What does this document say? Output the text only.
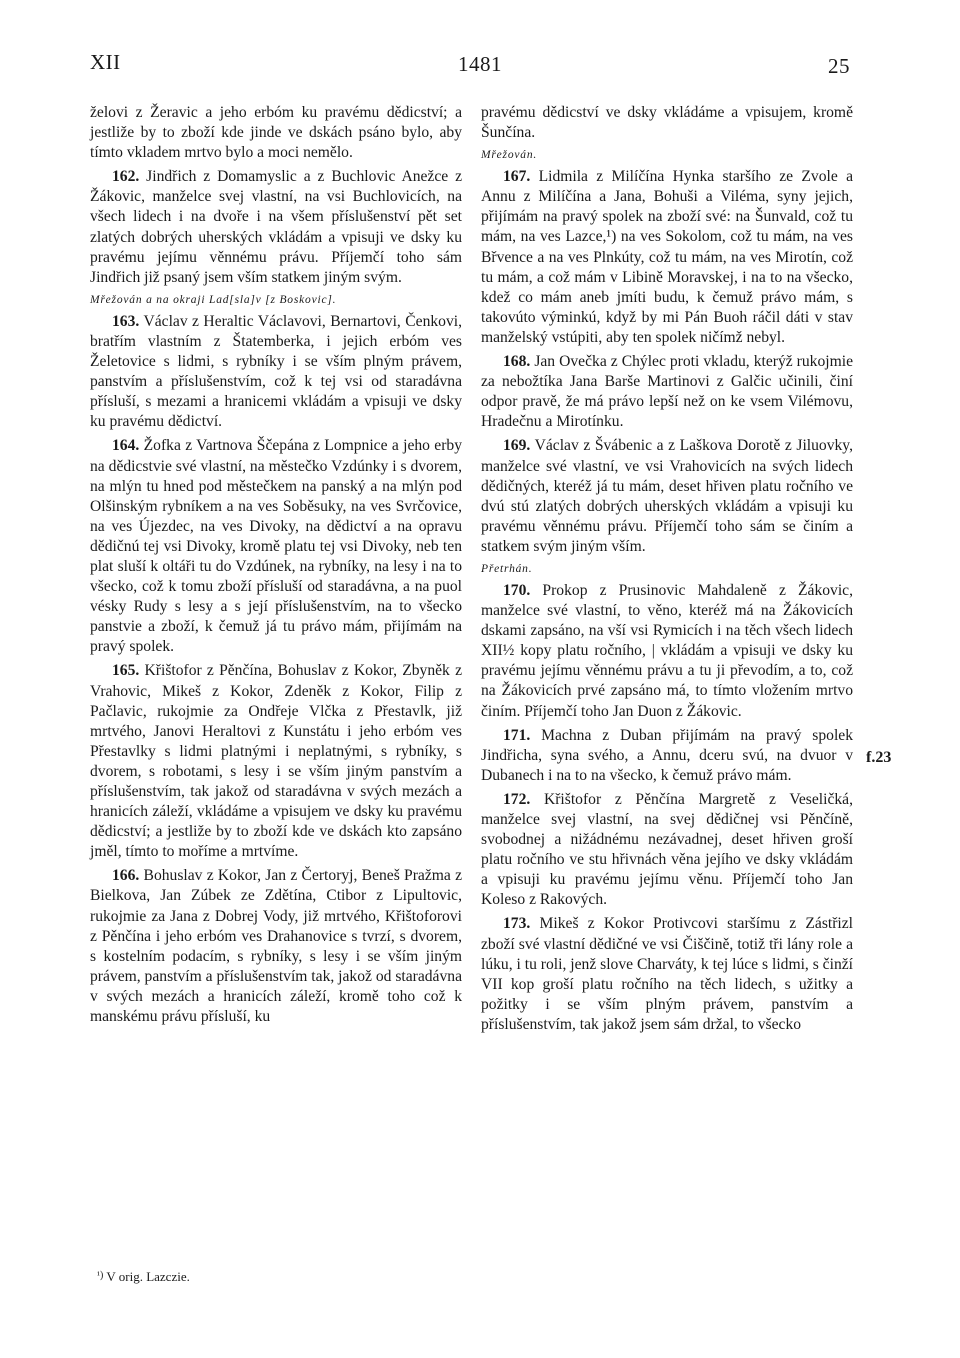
XII	1481	25

želovi z Žeravic a jeho erbóm ku pravému dědicství; a jestliže by to zboží kde jinde ve dskách psáno bylo, aby tímto vkladem mrtvo bylo a moci nemělo.

162. Jindřich z Domamyslic a z Buchlovic Anežce z Žákovic, manželce svej vlastní, na vsi Buchlovicích, na všech lidech i na dvoře i na všem příslušenství pět set zlatých dobrých uherských vkládám a vpisuji ve dsky ku pravému jejímu věnnému právu. Příjemčí toho sám Jindřich již psaný jsem vším statkem jiným svým.

Mřežován a na okraji Lad[sla]v [z Boskovic].

163. Václav z Heraltic Václavovi, Bernartovi, Čenkovi, bratřím vlastním z Štatemberka, i jejich erbóm ves Želetovice s lidmi, s rybníky i se vším plným právem, panstvím a příslušenstvím, což k tej vsi od staradávna přísluší, s mezami a hranicemi vkládám a vpisuji ve dsky ku pravému dědictví.

164. Žofka z Vartnova Ščepána z Lompnice a jeho erby na dědicstvie své vlastní, na městečko Vzdúnky i s dvorem, na mlýn tu hned pod městečkem na panský a na mlýn pod Olšinským rybníkem a na ves Soběsuky, na ves Svrčovice, na ves Újezdec, na ves Divoky, na dědictví a na opravu dědičnú tej vsi Divoky, kromě platu tej vsi Divoky, neb ten plat sluší k oltáři tu do Vzdúnek, na rybníky, na lesy i na to všecko, což k tomu zboží přísluší od staradávna, a na puol vésky Rudy s lesy a s její příslušenstvím, na to všecko panstvie a zboží, k čemuž já tu právo mám, přijímám na pravý spolek.

165. Křištofor z Pěnčína, Bohuslav z Kokor, Zbyněk z Vrahovic, Mikeš z Kokor, Zdeněk z Kokor, Filip z Pačlavic, rukojmie za Ondřeje Vlčka z Přestavlk, již mrtvého, Janovi Heraltovi z Kunstátu i jeho erbóm ves Přestavlky s lidmi platnými i neplatnými, s rybníky, s dvorem, s robotami, s lesy i se vším jiným panstvím a příslušenstvím, tak jakož od staradávna v svých mezách a hranicích záleží, vkládáme a vpisujem ve dsky ku pravému dědicství; a jestliže by to zboží kde ve dskách kto zapsáno jměl, tímto to moříme a mrtvíme.

166. Bohuslav z Kokor, Jan z Čertoryj, Beneš Pražma z Bielkova, Jan Zúbek ze Zdětína, Ctibor z Lipultovic, rukojmie za Jana z Dobrej Vody, již mrtvého, Křištoforovi z Pěnčína i jeho erbóm ves Drahanovice s tvrzí, s dvorem, s kostelním podacím, s rybníky, s lesy i se vším jiným právem, panstvím a příslušenstvím tak, jakož od staradávna v svých mezách a hranicích záleží, kromě toho což k manskému právu přísluší, ku

pravému dědicství ve dsky vkládáme a vpisujem, kromě Šunčína.

Mřežován.

167. Lidmila z Milíčína Hynka staršího ze Zvole a Annu z Milíčína a Jana, Bohuši a Viléma, syny jejich, přijímám na pravý spolek na zboží své: na Šunvald, což tu mám, na ves Lazce,¹) na ves Sokolom, což tu mám, na ves Břvence a na ves Plnkúty, což tu mám, na ves Mirotín, což tu mám, a což mám v Libině Moravskej, i na to na všecko, kdež co mám aneb jmíti budu, k čemuž právo mám, s takovúto výminkú, když by mi Pán Buoh ráčil dáti v stav manželský vstúpiti, aby ten spolek ničímž nebyl.

168. Jan Ovečka z Chýlec proti vkladu, kterýž rukojmie za nebožtíka Jana Barše Martinovi z Galčic učinili, činí odpor pravě, že má právo lepší než on ke vsem Vilémovu, Hradečnu a Mirotínku.

169. Václav z Švábenic a z Laškova Dorotě z Jiluovky, manželce své vlastní, ve vsi Vrahovicích na svých lidech dědičných, kteréž já tu mám, deset hřiven platu ročního ve dvú stú zlatých dobrých uherských vkládám a vpisuji ku pravému věnnému právu. Příjemčí toho sám se činím a statkem svým jiným vším.

Přetrhán.

170. Prokop z Prusinovic Mahdaleně z Žákovic, manželce své vlastní, to věno, kteréž má na Žákovicích dskami zapsáno, na vší vsi Rymicích i na těch všech lidech XII½ kopy platu ročního, | vkládám a vpisuji ve dsky ku pravému jejímu věnnému právu a tu ji převodím, a to, což na Žákovicích prvé zapsáno má, to tímto vložením mrtvo činím. Příjemčí toho Jan Duon z Žákovic.

171. Machna z Duban přijímám na pravý spolek Jindřicha, syna svého, a Annu, dceru svú, na dvuor v Dubanech i na to na všecko, k čemuž právo mám.

172. Křištofor z Pěnčína Margretě z Veseličká, manželce svej vlastní, na svej dědičnej vsi Pěnčíně, svobodnej a nižádnému nezávadnej, deset hřiven groší platu ročního ve stu hřivnách věna jejího ve dsky vkládám a vpisuji ku pravému jejímu věnu. Příjemčí toho Jan Koleso z Rakových.

173. Mikeš z Kokor Protivcovi staršímu z Zástřizl zboží své vlastní dědičné ve vsi Čiščině, totiž tři lány role a lúku, i tu roli, jenž slove Charváty, k tej lúce s lidmi, s činží VII kop groší platu ročního na těch lidech, s užitky a požitky i se vším plným právem, panstvím a příslušenstvím, tak jakož jsem sám držal, to všecko

f.23
$^{^1)}$ V orig. Lazczie.
